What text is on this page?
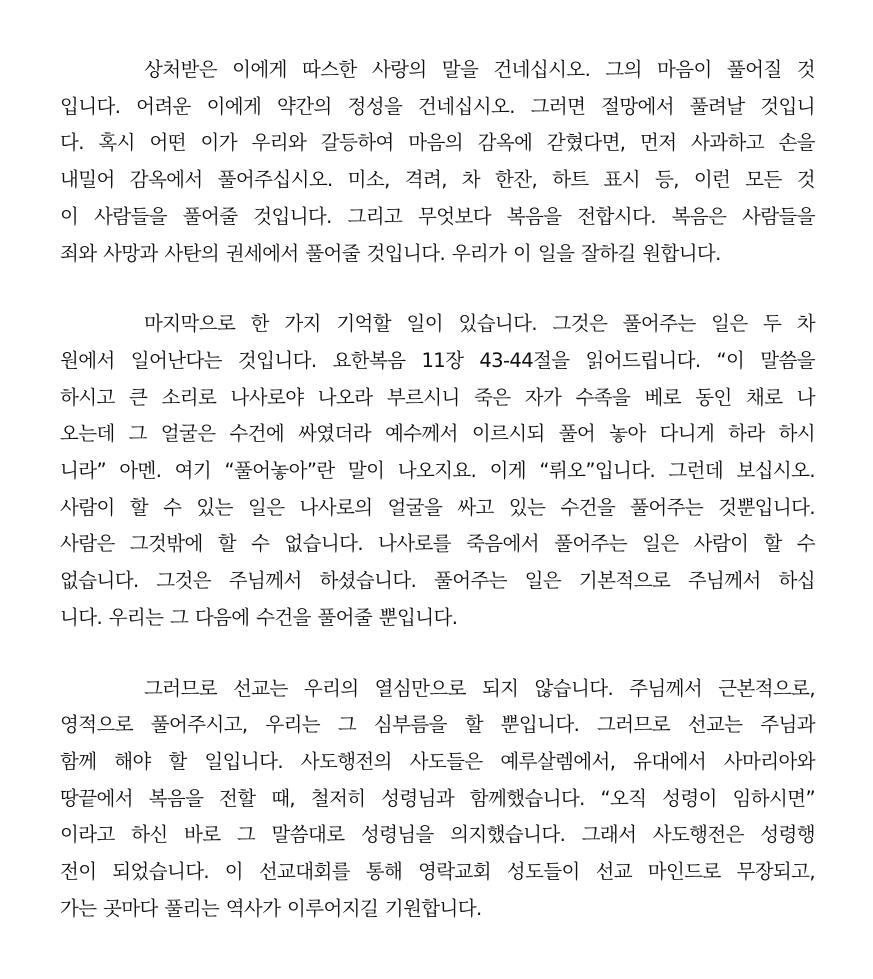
상처받은 이에게 따스한 사랑의 말을 건네십시오. 그의 마음이 풀어질 것
입니다. 어려운 이에게 약간의 정성을 건네십시오. 그러면 절망에서 풀려날 것입니
다. 혹시 어떤 이가 우리와 갈등하여 마음의 감옥에 갇혔다면, 먼저 사과하고 손을
내밀어 감옥에서 풀어주십시오. 미소, 격려, 차 한잔, 하트 표시 등, 이런 모든 것
이 사람들을 풀어줄 것입니다. 그리고 무엇보다 복음을 전합시다. 복음은 사람들을
죄와 사망과 사탄의 권세에서 풀어줄 것입니다. 우리가 이 일을 잘하길 원합니다.

마지막으로 한 가지 기억할 일이 있습니다. 그것은 풀어주는 일은 두 차
원에서 일어난다는 것입니다. 요한복음 11장 43-44절을 읽어드립니다. “이 말씀을
하시고 큰 소리로 나사로야 나오라 부르시니 죽은 자가 수족을 베로 동인 채로 나
오는데 그 얼굴은 수건에 싸였더라 예수께서 이르시되 풀어 놓아 다니게 하라 하시
니라” 아멘. 여기 “풀어놓아”란 말이 나오지요. 이게 “뤼오”입니다. 그런데 보십시오.
사람이 할 수 있는 일은 나사로의 얼굴을 싸고 있는 수건을 풀어주는 것뿐입니다.
사람은 그것밖에 할 수 없습니다. 나사로를 죽음에서 풀어주는 일은 사람이 할 수
없습니다. 그것은 주님께서 하셨습니다. 풀어주는 일은 기본적으로 주님께서 하십
니다. 우리는 그 다음에 수건을 풀어줄 뿐입니다.

그러므로 선교는 우리의 열심만으로 되지 않습니다. 주님께서 근본적으로,
영적으로 풀어주시고, 우리는 그 심부름을 할 뿐입니다. 그러므로 선교는 주님과
함께 해야 할 일입니다. 사도행전의 사도들은 예루살렘에서, 유대에서 사마리아와
땅끝에서 복음을 전할 때, 철저히 성령님과 함께했습니다. “오직 성령이 임하시면”
이라고 하신 바로 그 말씀대로 성령님을 의지했습니다. 그래서 사도행전은 성령행
전이 되었습니다. 이 선교대회를 통해 영락교회 성도들이 선교 마인드로 무장되고,
가는 곳마다 풀리는 역사가 이루어지길 기원합니다.
